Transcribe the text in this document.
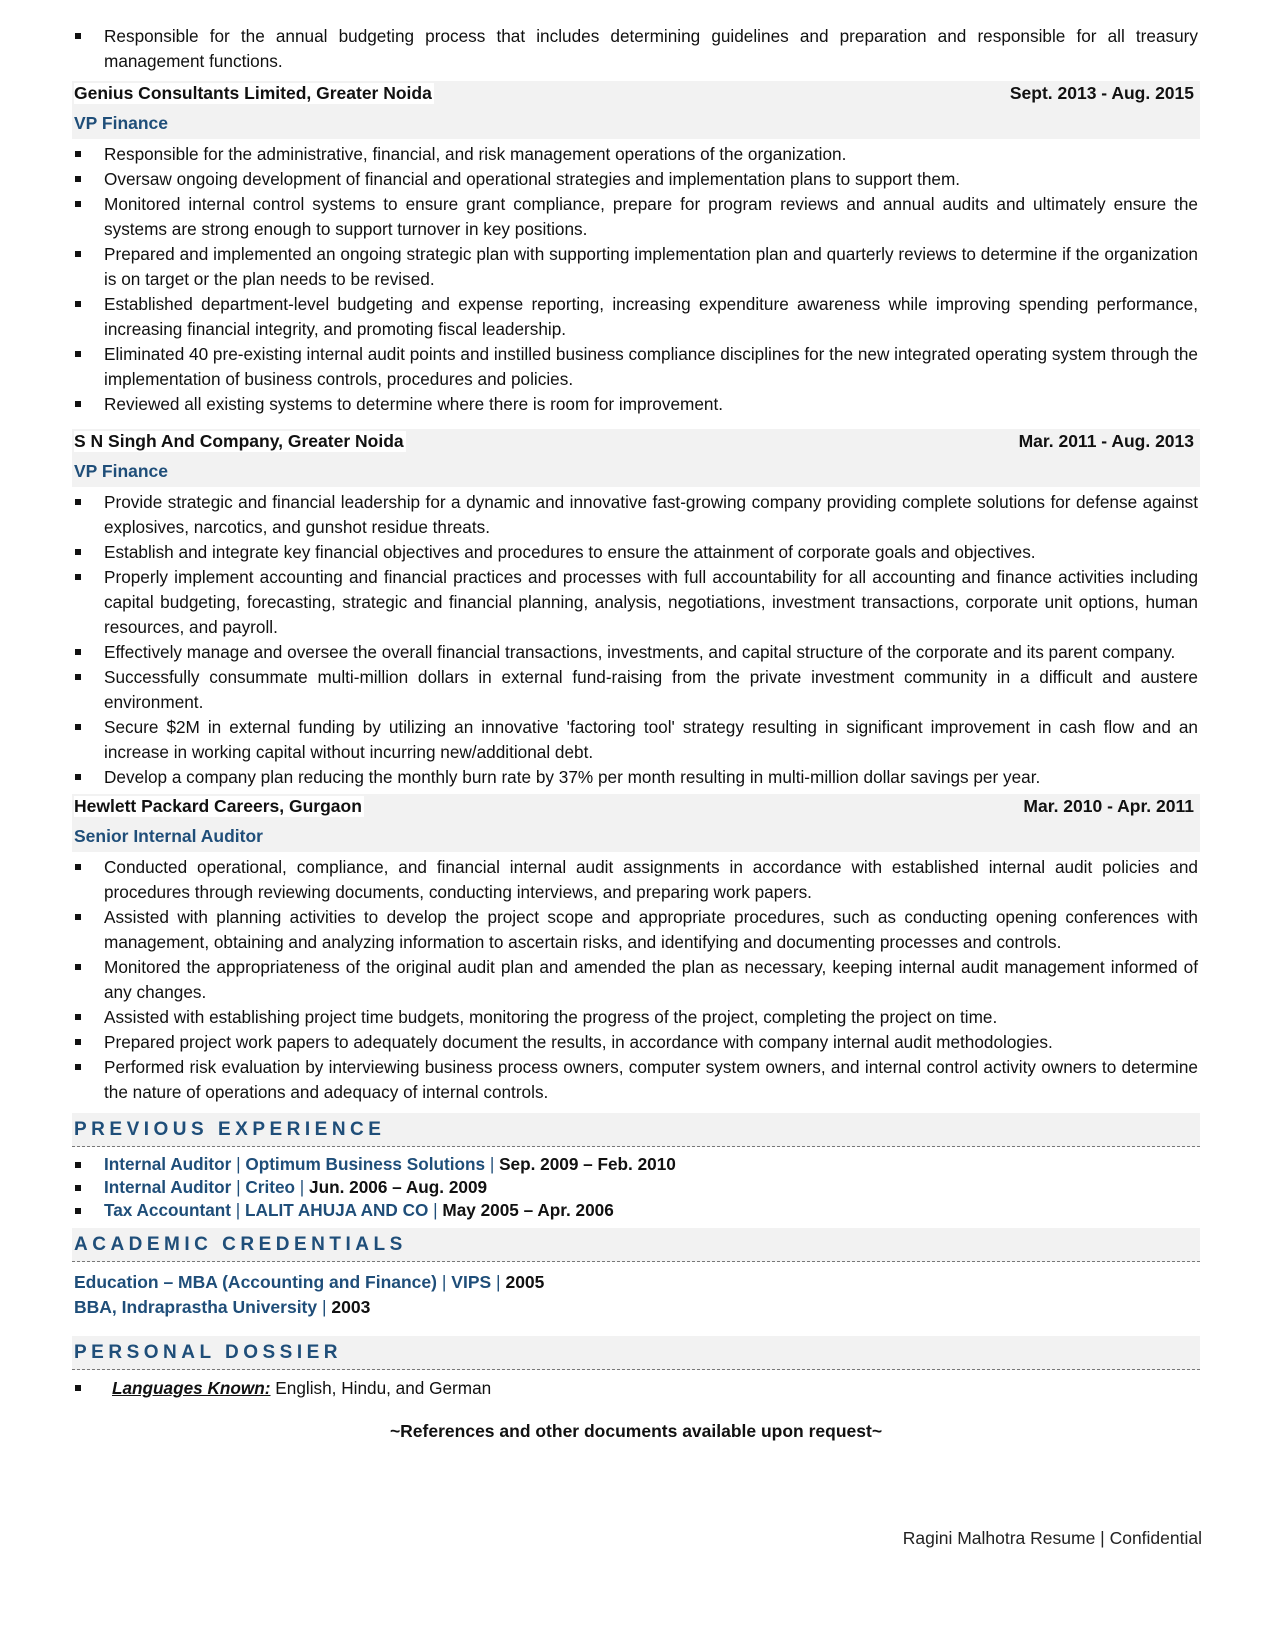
Responsible for the annual budgeting process that includes determining guidelines and preparation and responsible for all treasury management functions.
Genius Consultants Limited, Greater Noida	Sept. 2013 - Aug. 2015
VP Finance
Responsible for the administrative, financial, and risk management operations of the organization.
Oversaw ongoing development of financial and operational strategies and implementation plans to support them.
Monitored internal control systems to ensure grant compliance, prepare for program reviews and annual audits and ultimately ensure the systems are strong enough to support turnover in key positions.
Prepared and implemented an ongoing strategic plan with supporting implementation plan and quarterly reviews to determine if the organization is on target or the plan needs to be revised.
Established department-level budgeting and expense reporting, increasing expenditure awareness while improving spending performance, increasing financial integrity, and promoting fiscal leadership.
Eliminated 40 pre-existing internal audit points and instilled business compliance disciplines for the new integrated operating system through the implementation of business controls, procedures and policies.
Reviewed all existing systems to determine where there is room for improvement.
S N Singh And Company, Greater Noida	Mar. 2011 - Aug. 2013
VP Finance
Provide strategic and financial leadership for a dynamic and innovative fast-growing company providing complete solutions for defense against explosives, narcotics, and gunshot residue threats.
Establish and integrate key financial objectives and procedures to ensure the attainment of corporate goals and objectives.
Properly implement accounting and financial practices and processes with full accountability for all accounting and finance activities including capital budgeting, forecasting, strategic and financial planning, analysis, negotiations, investment transactions, corporate unit options, human resources, and payroll.
Effectively manage and oversee the overall financial transactions, investments, and capital structure of the corporate and its parent company.
Successfully consummate multi-million dollars in external fund-raising from the private investment community in a difficult and austere environment.
Secure $2M in external funding by utilizing an innovative 'factoring tool' strategy resulting in significant improvement in cash flow and an increase in working capital without incurring new/additional debt.
Develop a company plan reducing the monthly burn rate by 37% per month resulting in multi-million dollar savings per year.
Hewlett Packard Careers, Gurgaon	Mar. 2010 - Apr. 2011
Senior Internal Auditor
Conducted operational, compliance, and financial internal audit assignments in accordance with established internal audit policies and procedures through reviewing documents, conducting interviews, and preparing work papers.
Assisted with planning activities to develop the project scope and appropriate procedures, such as conducting opening conferences with management, obtaining and analyzing information to ascertain risks, and identifying and documenting processes and controls.
Monitored the appropriateness of the original audit plan and amended the plan as necessary, keeping internal audit management informed of any changes.
Assisted with establishing project time budgets, monitoring the progress of the project, completing the project on time.
Prepared project work papers to adequately document the results, in accordance with company internal audit methodologies.
Performed risk evaluation by interviewing business process owners, computer system owners, and internal control activity owners to determine the nature of operations and adequacy of internal controls.
PREVIOUS EXPERIENCE
Internal Auditor | Optimum Business Solutions | Sep. 2009 – Feb. 2010
Internal Auditor | Criteo | Jun. 2006 – Aug. 2009
Tax Accountant | LALIT AHUJA AND CO | May 2005 – Apr. 2006
ACADEMIC CREDENTIALS
Education – MBA (Accounting and Finance) | VIPS | 2005
BBA, Indraprastha University | 2003
PERSONAL DOSSIER
Languages Known: English, Hindu, and German
~References and other documents available upon request~
Ragini Malhotra Resume | Confidential
